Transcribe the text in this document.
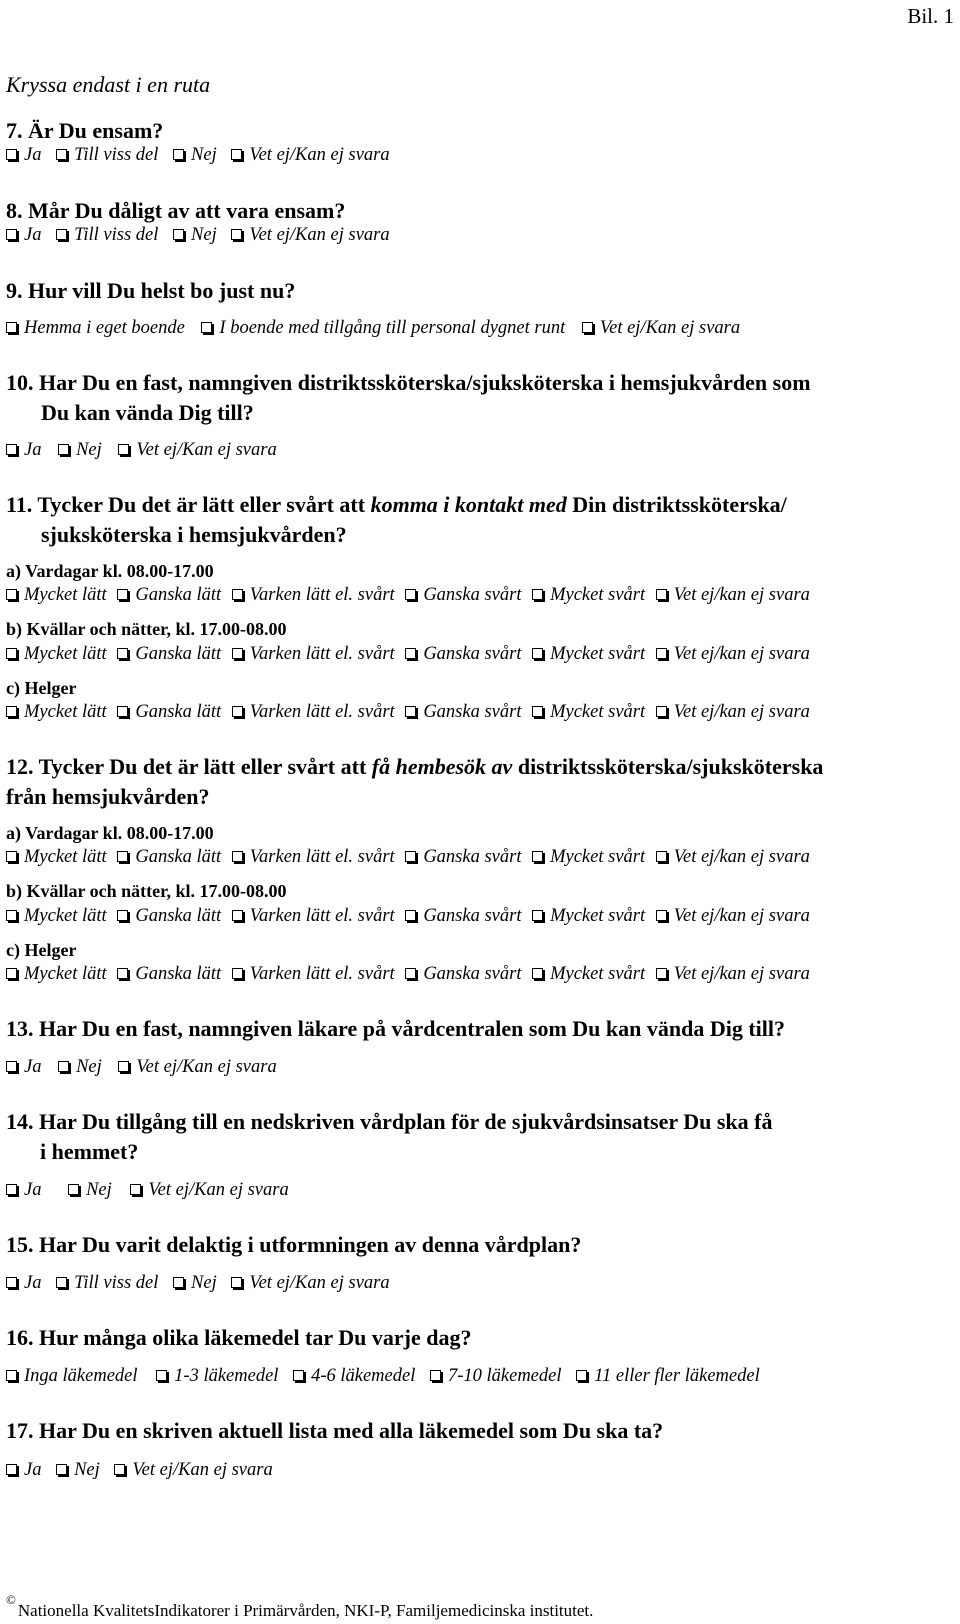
Bil. 1
Kryssa endast i en ruta
7. Är Du ensam?
Ja Till viss del Nej Vet ej/Kan ej svara
8. Mår Du dåligt av att vara ensam?
Ja Till viss del Nej Vet ej/Kan ej svara
9. Hur vill Du helst bo just nu?
Hemma i eget boende I boende med tillgång till personal dygnet runt Vet ej/Kan ej svara
10. Har Du en fast, namngiven distriktssköterska/sjuksköterska i hemsjukvården som
Du kan vända Dig till?
Ja Nej Vet ej/Kan ej svara
11. Tycker Du det är lätt eller svårt att komma i kontakt med Din distriktssköterska/
sjuksköterska i hemsjukvården?
a) Vardagar kl. 08.00-17.00
Mycket lätt Ganska lätt Varken lätt el. svårt Ganska svårt Mycket svårt Vet ej/kan ej svara
b) Kvällar och nätter, kl. 17.00-08.00
Mycket lätt Ganska lätt Varken lätt el. svårt Ganska svårt Mycket svårt Vet ej/kan ej svara
c) Helger
Mycket lätt Ganska lätt Varken lätt el. svårt Ganska svårt Mycket svårt Vet ej/kan ej svara
12. Tycker Du det är lätt eller svårt att få hembesök av distriktssköterska/sjuksköterska
från hemsjukvården?
a) Vardagar kl. 08.00-17.00
Mycket lätt Ganska lätt Varken lätt el. svårt Ganska svårt Mycket svårt Vet ej/kan ej svara
b) Kvällar och nätter, kl. 17.00-08.00
Mycket lätt Ganska lätt Varken lätt el. svårt Ganska svårt Mycket svårt Vet ej/kan ej svara
c) Helger
Mycket lätt Ganska lätt Varken lätt el. svårt Ganska svårt Mycket svårt Vet ej/kan ej svara
13. Har Du en fast, namngiven läkare på vårdcentralen som Du kan vända Dig till?
Ja Nej Vet ej/Kan ej svara
14. Har Du tillgång till en nedskriven vårdplan för de sjukvårdsinsatser Du ska få
i hemmet?
Ja Nej Vet ej/Kan ej svara
15. Har Du varit delaktig i utformningen av denna vårdplan?
Ja Till viss del Nej Vet ej/Kan ej svara
16. Hur många olika läkemedel tar Du varje dag?
Inga läkemedel 1-3 läkemedel 4-6 läkemedel 7-10 läkemedel 11 eller fler läkemedel
17. Har Du en skriven aktuell lista med alla läkemedel som Du ska ta?
Ja Nej Vet ej/Kan ej svara
©Nationella KvalitetsIndikatorer i Primärvården, NKI-P, Familjemedicinska institutet.
